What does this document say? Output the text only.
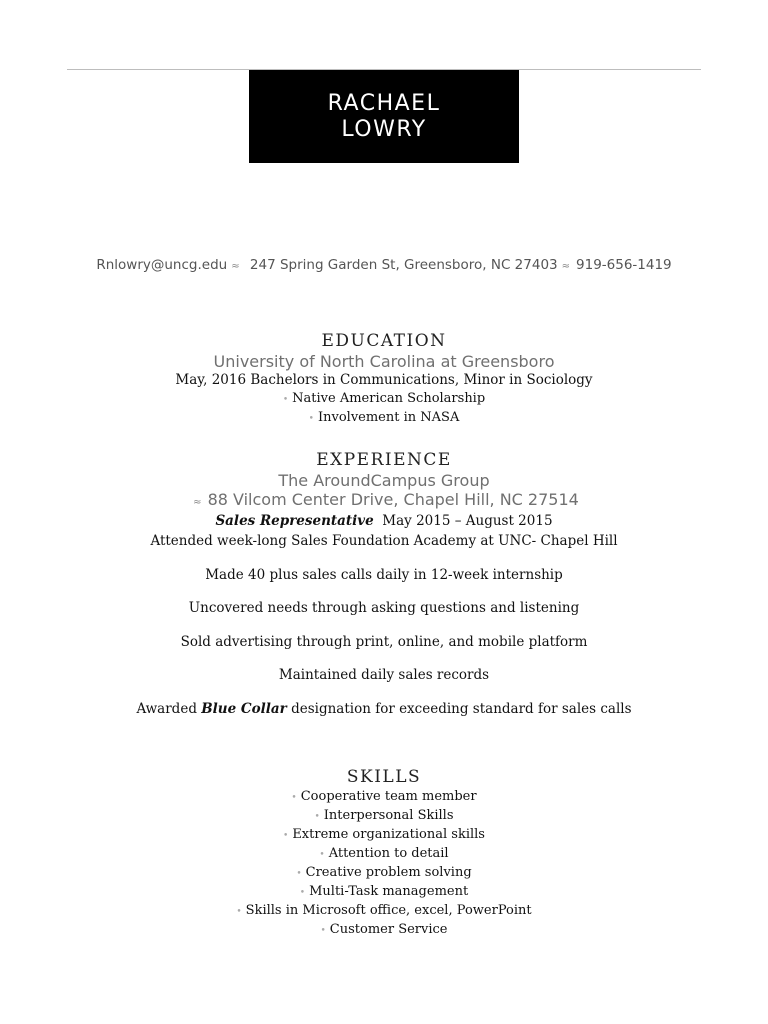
RACHAEL
LOWRY
Rnlowry@uncg.edu ≈ 247 Spring Garden St, Greensboro, NC 27403 ≈ 919-656-1419
EDUCATION
University of North Carolina at Greensboro
May, 2016 Bachelors in Communications, Minor in Sociology
• Native American Scholarship
• Involvement in NASA
EXPERIENCE
The AroundCampus Group
≈ 88 Vilcom Center Drive, Chapel Hill, NC 27514
Sales Representative May 2015 – August 2015
Attended week-long Sales Foundation Academy at UNC- Chapel Hill
Made 40 plus sales calls daily in 12-week internship
Uncovered needs through asking questions and listening
Sold advertising through print, online, and mobile platform
Maintained daily sales records
Awarded Blue Collar designation for exceeding standard for sales calls
SKILLS
• Cooperative team member
• Interpersonal Skills
• Extreme organizational skills
• Attention to detail
• Creative problem solving
• Multi-Task management
• Skills in Microsoft office, excel, PowerPoint
• Customer Service
